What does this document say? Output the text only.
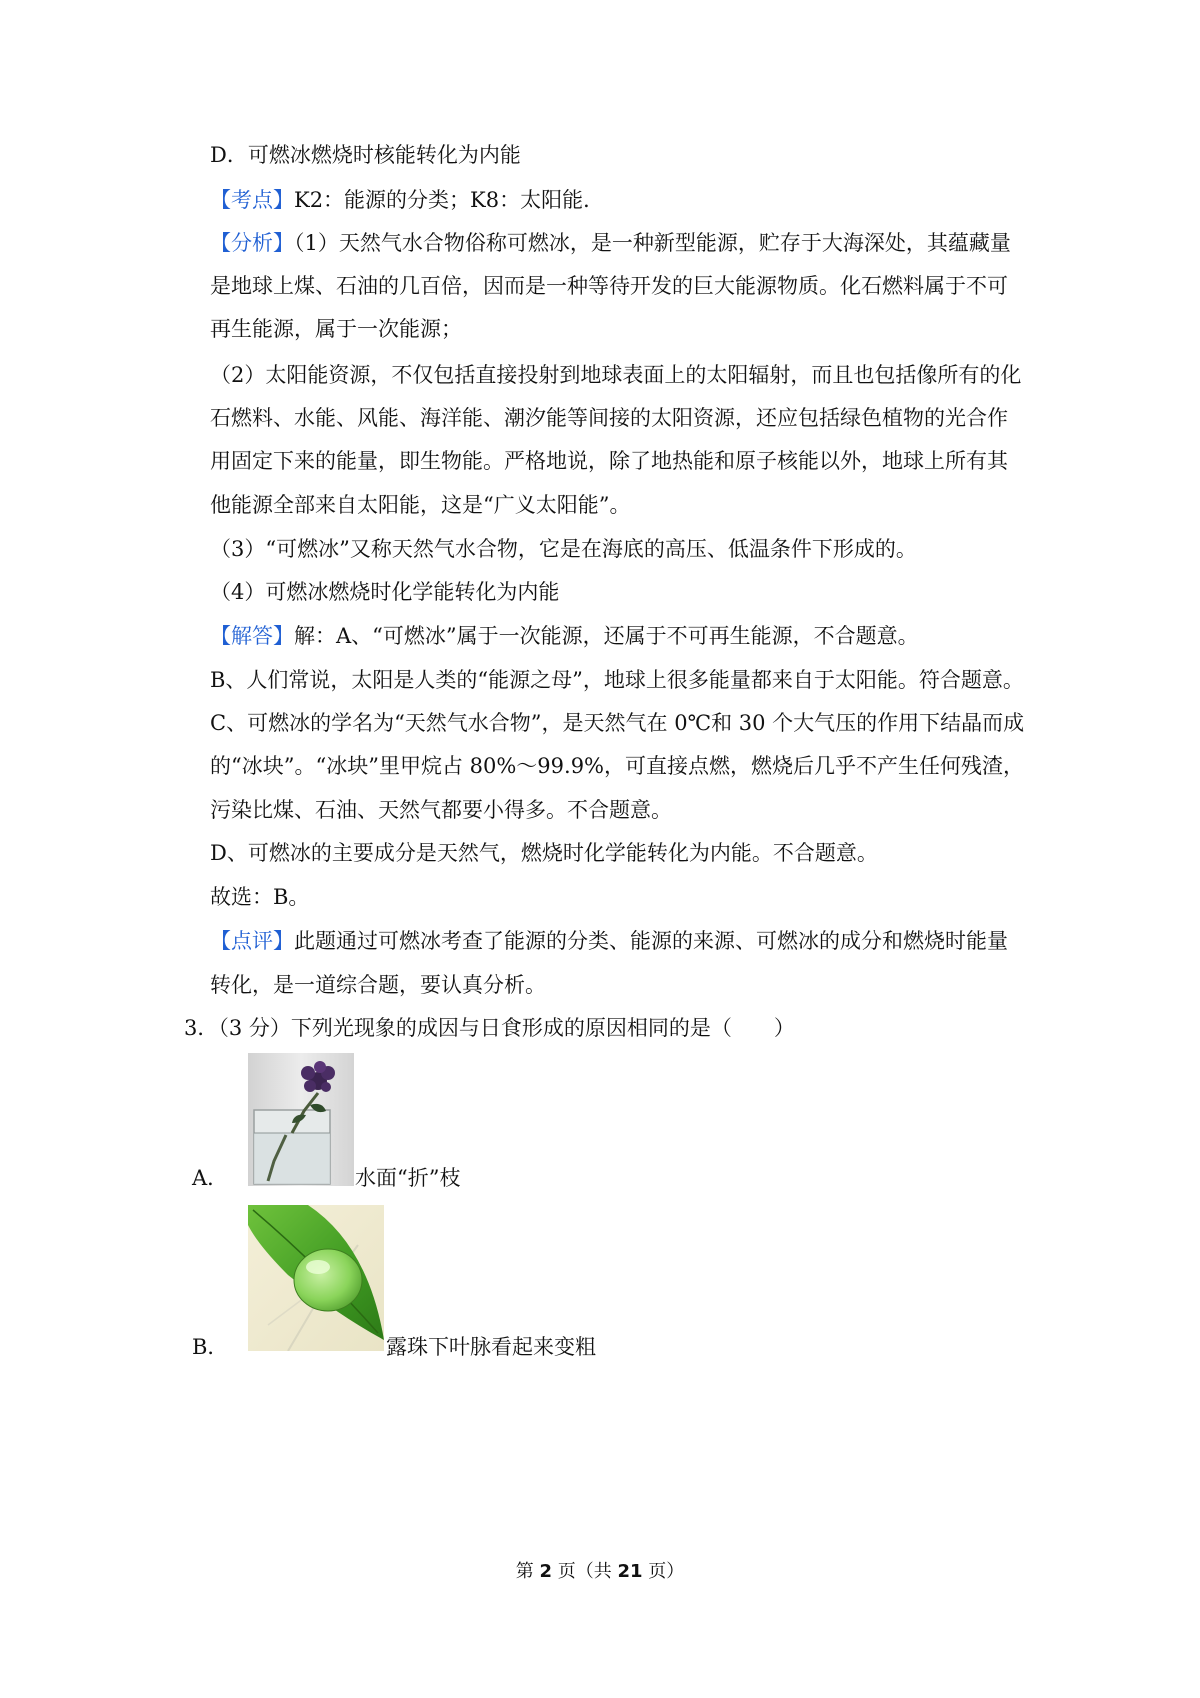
D．可燃冰燃烧时核能转化为内能
【考点】K2：能源的分类；K8：太阳能．
【分析】（1）天然气水合物俗称可燃冰，是一种新型能源，贮存于大海深处，其蕴藏量
是地球上煤、石油的几百倍，因而是一种等待开发的巨大能源物质。化石燃料属于不可
再生能源，属于一次能源；
（2）太阳能资源，不仅包括直接投射到地球表面上的太阳辐射，而且也包括像所有的化
石燃料、水能、风能、海洋能、潮汐能等间接的太阳资源，还应包括绿色植物的光合作
用固定下来的能量，即生物能。严格地说，除了地热能和原子核能以外，地球上所有其
他能源全部来自太阳能，这是“广义太阳能”。
（3）“可燃冰”又称天然气水合物，它是在海底的高压、低温条件下形成的。
（4）可燃冰燃烧时化学能转化为内能
【解答】解：A、“可燃冰”属于一次能源，还属于不可再生能源，不合题意。
B、人们常说，太阳是人类的“能源之母”，地球上很多能量都来自于太阳能。符合题意。
C、可燃冰的学名为“天然气水合物”，是天然气在 0℃和 30 个大气压的作用下结晶而成
的“冰块”。“冰块”里甲烷占 80%～99.9%，可直接点燃，燃烧后几乎不产生任何残渣，
污染比煤、石油、天然气都要小得多。不合题意。
D、可燃冰的主要成分是天然气，燃烧时化学能转化为内能。不合题意。
故选：B。
【点评】此题通过可燃冰考查了能源的分类、能源的来源、可燃冰的成分和燃烧时能量
转化，是一道综合题，要认真分析。
3．（3 分）下列光现象的成因与日食形成的原因相同的是（　　）
A．	水面“折”枝
B．	露珠下叶脉看起来变粗
第 2 页（共 21 页）
